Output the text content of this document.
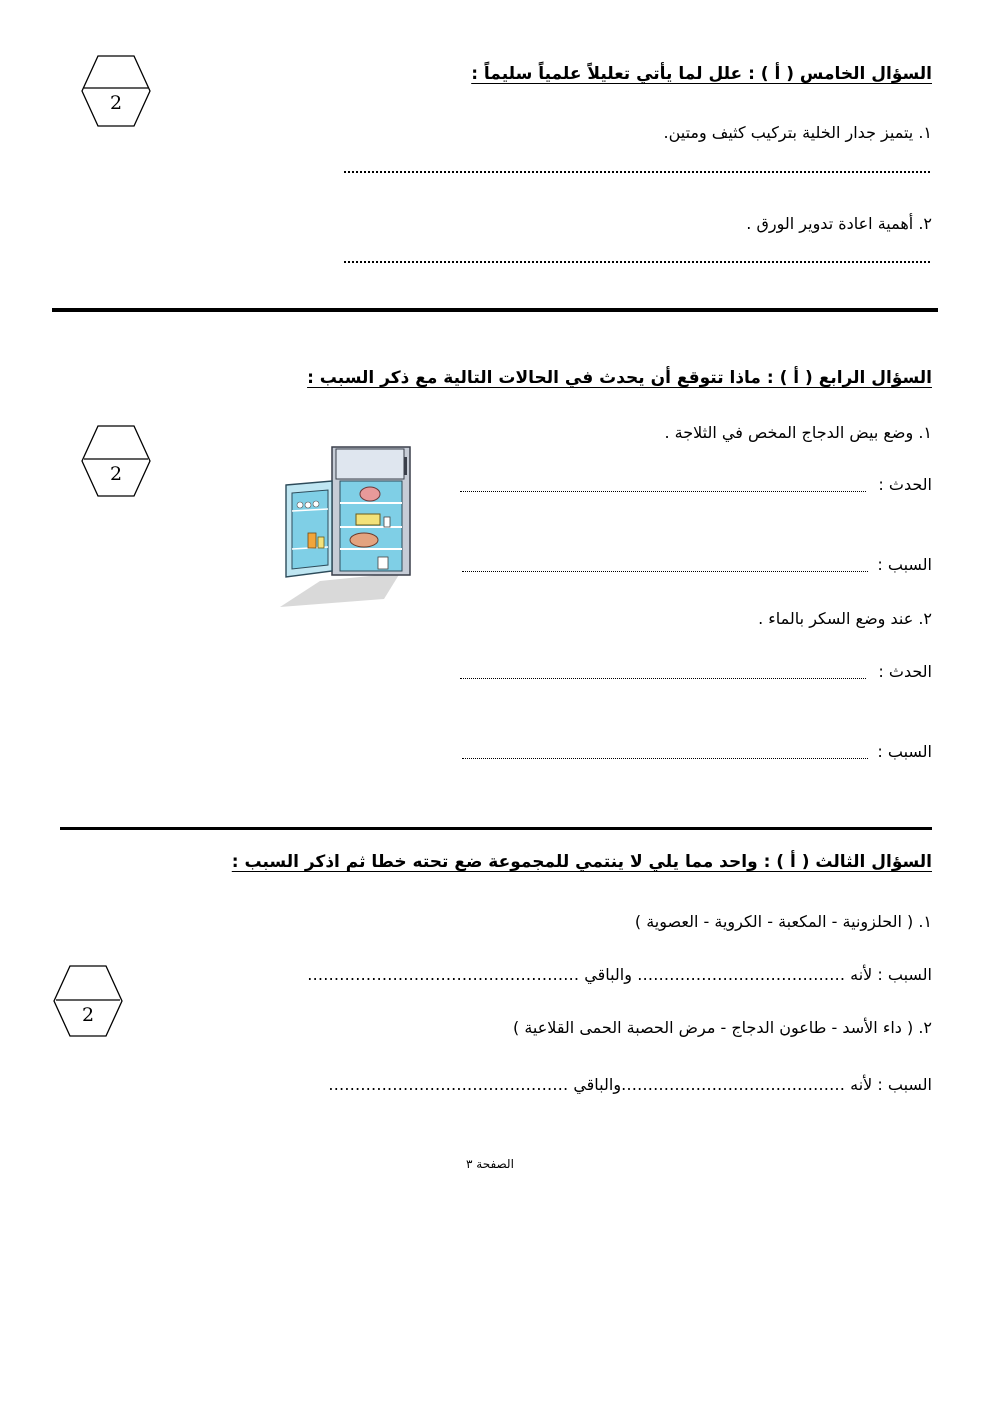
2
السؤال الخامس ( أ ) : علل لما يأتي تعليلاً علمياً سليماً :
١. يتميز جدار الخلية بتركيب كثيف ومتين.
٢. أهمية اعادة تدوير الورق .
السؤال الرابع ( أ ) : ماذا تتوقع أن يحدث في الحالات التالية مع ذكر السبب :
2
١. وضع بيض الدجاج المخص في الثلاجة .
الحدث :
السبب :
٢. عند وضع السكر بالماء .
الحدث :
السبب :
السؤال الثالث ( أ ) : واحد مما يلي لا ينتمي للمجموعة ضع تحته خطا ثم اذكر السبب :
2
١. ( الحلزونية - المكعبة - الكروية - العصوية )
السبب : لأنه ………………………………… والباقي ……………………………………………
٢. ( داء الأسد - طاعون الدجاج - مرض الحصبة الحمى القلاعية )
السبب : لأنه ……………………………………والباقي ………………………………………
الصفحة ٣
